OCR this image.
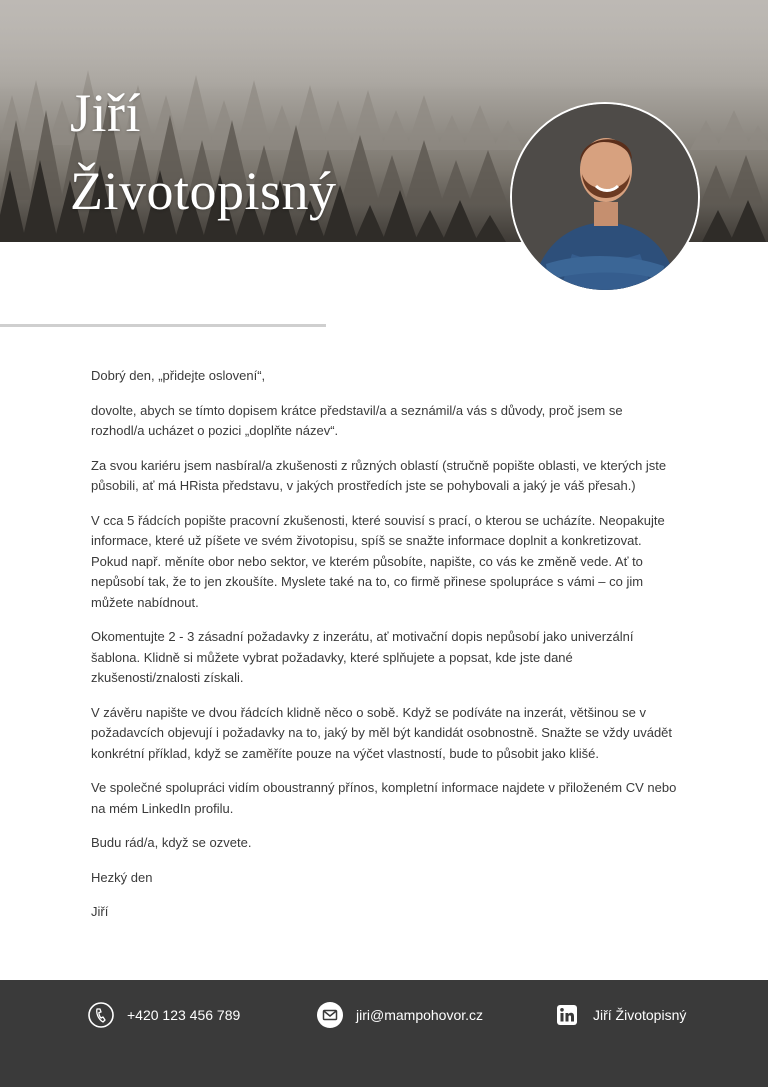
Jiří
Životopisný

Dobrý den, „přidejte oslovení“,

dovolte, abych se tímto dopisem krátce představil/a a seznámil/a vás s důvody, proč jsem se rozhodl/a ucházet o pozici „doplňte název“.

Za svou kariéru jsem nasbíral/a zkušenosti z různých oblastí (stručně popište oblasti, ve kterých jste působili, ať má HRista představu, v jakých prostředích jste se pohybovali a jaký je váš přesah.)

V cca 5 řádcích popište pracovní zkušenosti, které souvisí s prací, o kterou se ucházíte. Neopakujte informace, které už píšete ve svém životopisu, spíš se snažte informace doplnit a konkretizovat. Pokud např. měníte obor nebo sektor, ve kterém působíte, napište, co vás ke změně vede. Ať to nepůsobí tak, že to jen zkoušíte. Myslete také na to, co firmě přinese spolupráce s vámi – co jim můžete nabídnout.

Okomentujte 2 - 3 zásadní požadavky z inzerátu, ať motivační dopis nepůsobí jako univerzální šablona. Klidně si můžete vybrat požadavky, které splňujete a popsat, kde jste dané zkušenosti/znalosti získali.

V závěru napište ve dvou řádcích klidně něco o sobě. Když se podíváte na inzerát, většinou se v požadavcích objevují i požadavky na to, jaký by měl být kandidát osobnostně. Snažte se vždy uvádět konkrétní příklad, když se zaměříte pouze na výčet vlastností, bude to působit jako klišé.

Ve společné spolupráci vidím oboustranný přínos, kompletní informace najdete v přiloženém CV nebo na mém LinkedIn profilu.

Budu rád/a, když se ozvete.

Hezký den

Jiří

+420 123 456 789	jiri@mampohovor.cz	Jiří Životopisný
